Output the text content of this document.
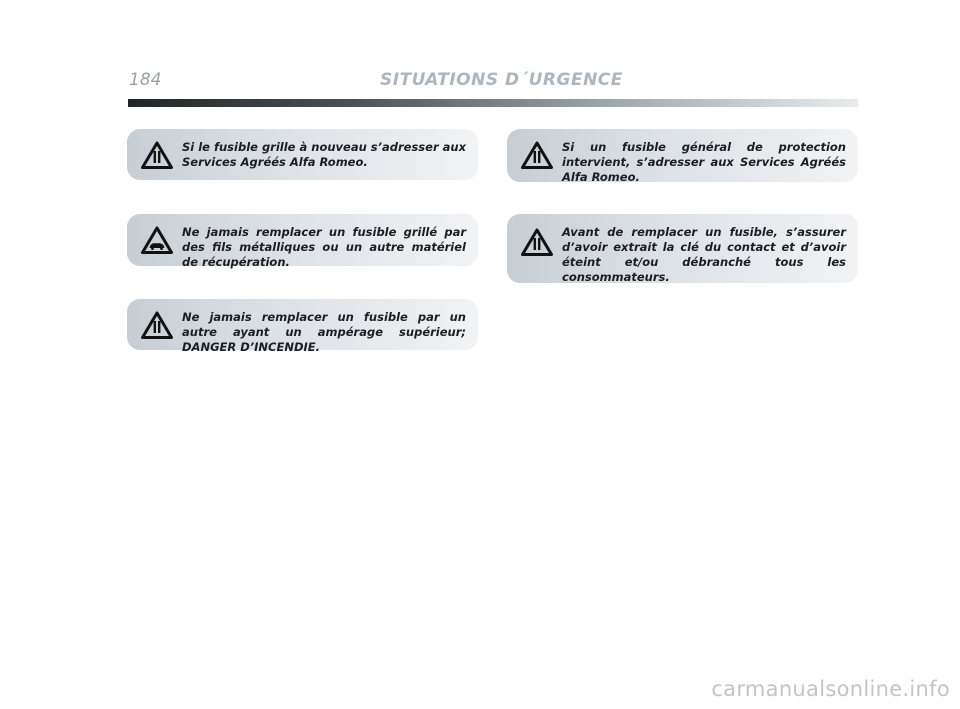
184	SITUATIONS D´URGENCE
Si le fusible grille à nouveau s’adresser aux Services Agréés Alfa Romeo.
Ne jamais remplacer un fusible grillé par des fils métalliques ou un autre matériel de récupération.
Ne jamais remplacer un fusible par un autre ayant un ampérage supérieur; DANGER D’INCENDIE.
Si un fusible général de protection intervient, s’adresser aux Services Agréés Alfa Romeo.
Avant de remplacer un fusible, s’assurer d’avoir extrait la clé du contact et d’avoir éteint et/ou débranché tous les consommateurs.
carmanualsonline.info
